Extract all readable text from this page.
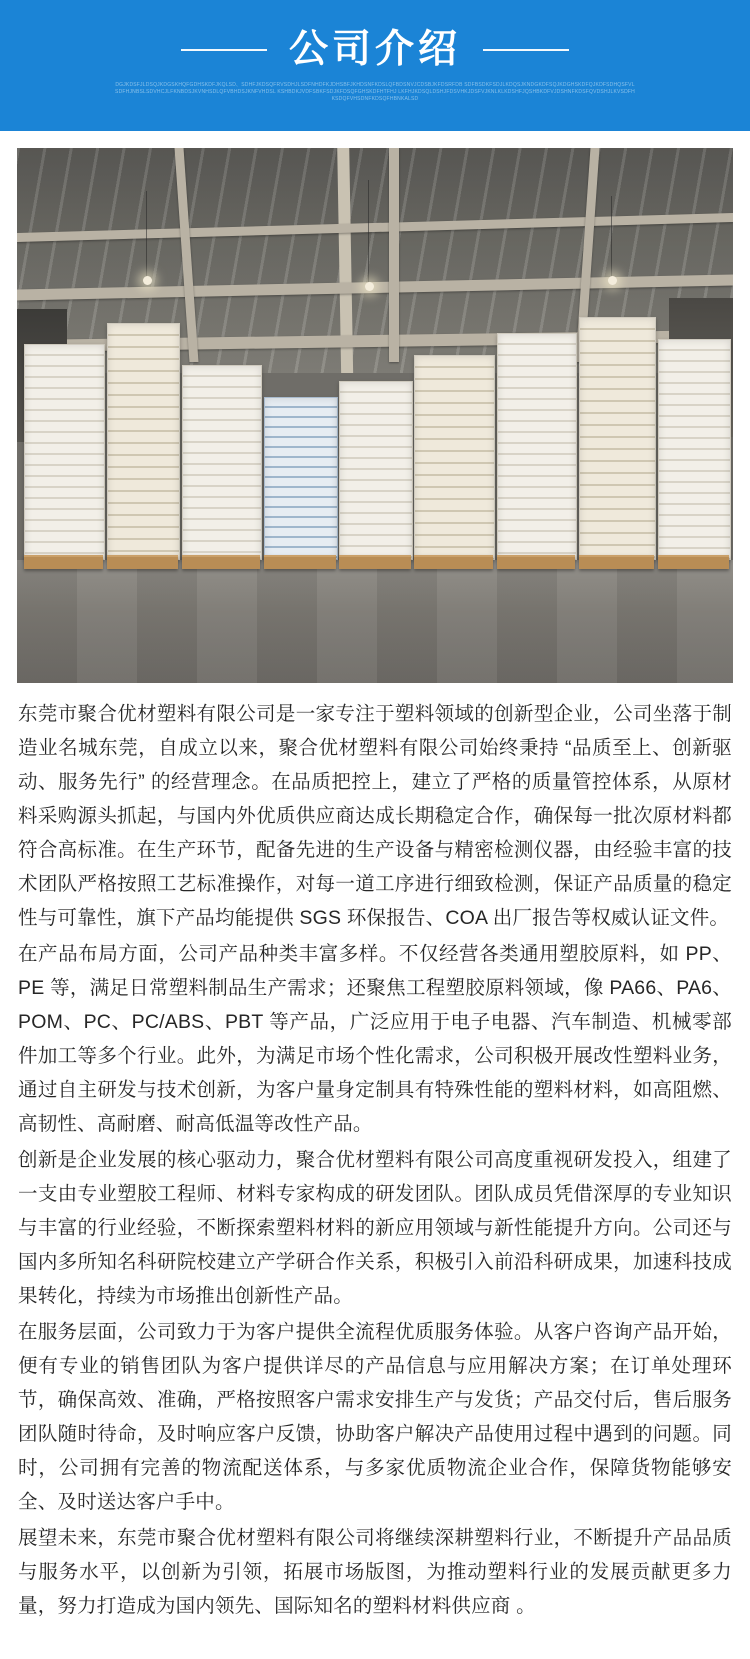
公司介绍
DGJKDSFJLDSQJKDGSKHQFGDHSKDFJKQLSD、SDHFJKDSQFRVSDHJLSDFNHDFKJDHSBFJKHDSNFKDSLQFBDSNVJCDSBJKFDSRFDB SDFBSDKFSDJLKDQSJKNDGKDFSQJKDGHSKDFQJKDFSDHQSFVLSDFHJNBSLSDVHCJLFKNBDSJKVNHSDLQFVBHDSJKNFVHDSL KSHBDKJVDFSBKFSDJKFDSQFGHSKDFHTFHJ LKFHJKDSQLDSHJFDSVHKJDSFVJKNLKLKDSHFJQSHBKDFVJDSHNFKDSFQVDSHJLKVSDFHKSDQFVHSDNFKDSQFHBNKALSD

东莞市聚合优材塑料有限公司是一家专注于塑料领域的创新型企业，公司坐落于制造业名城东莞，自成立以来，聚合优材塑料有限公司始终秉持 “品质至上、创新驱动、服务先行” 的经营理念。在品质把控上，建立了严格的质量管控体系，从原材料采购源头抓起，与国内外优质供应商达成长期稳定合作，确保每一批次原材料都符合高标准。在生产环节，配备先进的生产设备与精密检测仪器，由经验丰富的技术团队严格按照工艺标准操作，对每一道工序进行细致检测，保证产品质量的稳定性与可靠性，旗下产品均能提供 SGS 环保报告、COA 出厂报告等权威认证文件。

在产品布局方面，公司产品种类丰富多样。不仅经营各类通用塑胶原料，如 PP、PE 等，满足日常塑料制品生产需求；还聚焦工程塑胶原料领域，像 PA66、PA6、POM、PC、PC/ABS、PBT 等产品，广泛应用于电子电器、汽车制造、机械零部件加工等多个行业。此外，为满足市场个性化需求，公司积极开展改性塑料业务，通过自主研发与技术创新，为客户量身定制具有特殊性能的塑料材料，如高阻燃、高韧性、高耐磨、耐高低温等改性产品。

创新是企业发展的核心驱动力，聚合优材塑料有限公司高度重视研发投入，组建了一支由专业塑胶工程师、材料专家构成的研发团队。团队成员凭借深厚的专业知识与丰富的行业经验，不断探索塑料材料的新应用领域与新性能提升方向。公司还与国内多所知名科研院校建立产学研合作关系，积极引入前沿科研成果，加速科技成果转化，持续为市场推出创新性产品。

在服务层面，公司致力于为客户提供全流程优质服务体验。从客户咨询产品开始，便有专业的销售团队为客户提供详尽的产品信息与应用解决方案；在订单处理环节，确保高效、准确，严格按照客户需求安排生产与发货；产品交付后，售后服务团队随时待命，及时响应客户反馈，协助客户解决产品使用过程中遇到的问题。同时，公司拥有完善的物流配送体系，与多家优质物流企业合作，保障货物能够安全、及时送达客户手中。

展望未来，东莞市聚合优材塑料有限公司将继续深耕塑料行业，不断提升产品品质与服务水平，以创新为引领，拓展市场版图，为推动塑料行业的发展贡献更多力量，努力打造成为国内领先、国际知名的塑料材料供应商 。
